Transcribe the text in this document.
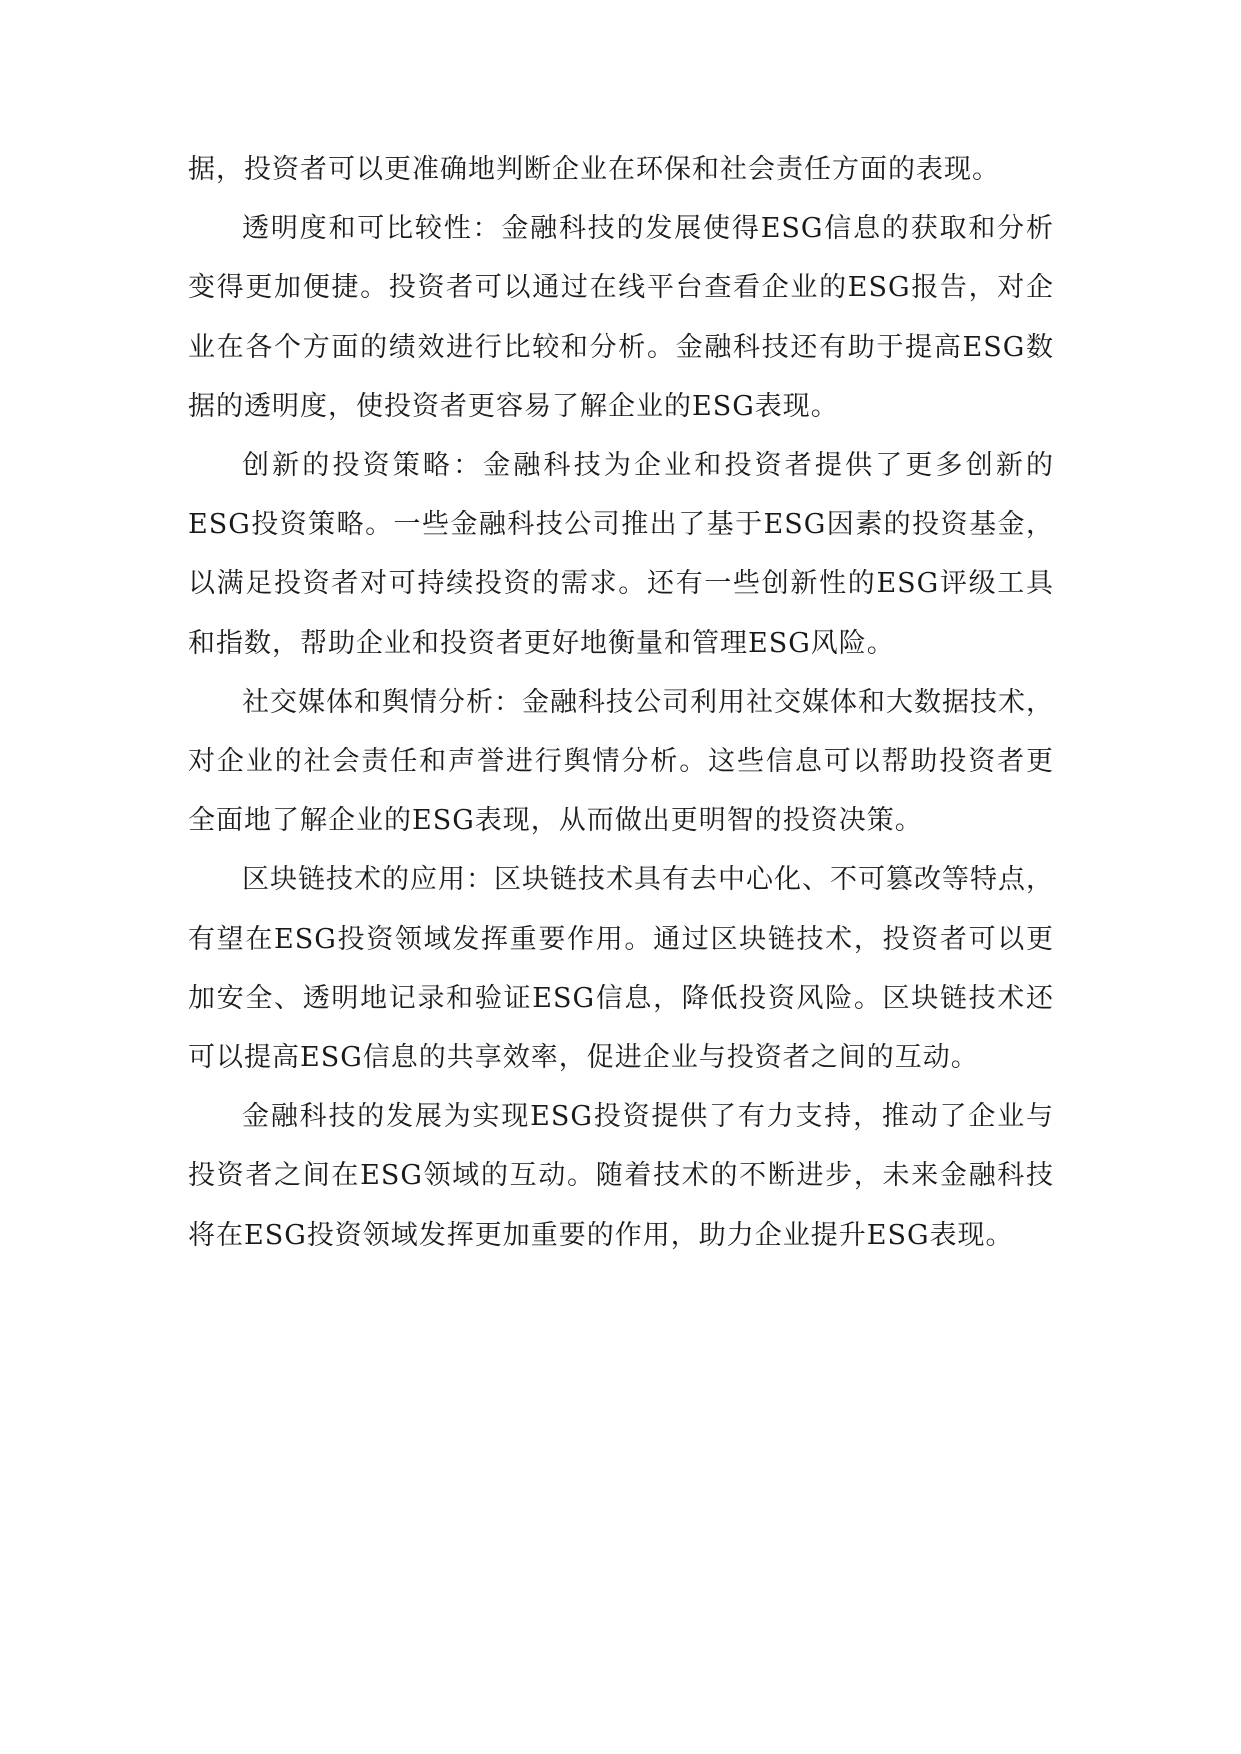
据，投资者可以更准确地判断企业在环保和社会责任方面的表现。

透明度和可比较性：金融科技的发展使得ESG信息的获取和分析变得更加便捷。投资者可以通过在线平台查看企业的ESG报告，对企业在各个方面的绩效进行比较和分析。金融科技还有助于提高ESG数据的透明度，使投资者更容易了解企业的ESG表现。

创新的投资策略：金融科技为企业和投资者提供了更多创新的ESG投资策略。一些金融科技公司推出了基于ESG因素的投资基金，以满足投资者对可持续投资的需求。还有一些创新性的ESG评级工具和指数，帮助企业和投资者更好地衡量和管理ESG风险。

社交媒体和舆情分析：金融科技公司利用社交媒体和大数据技术，对企业的社会责任和声誉进行舆情分析。这些信息可以帮助投资者更全面地了解企业的ESG表现，从而做出更明智的投资决策。

区块链技术的应用：区块链技术具有去中心化、不可篡改等特点，有望在ESG投资领域发挥重要作用。通过区块链技术，投资者可以更加安全、透明地记录和验证ESG信息，降低投资风险。区块链技术还可以提高ESG信息的共享效率，促进企业与投资者之间的互动。

金融科技的发展为实现ESG投资提供了有力支持，推动了企业与投资者之间在ESG领域的互动。随着技术的不断进步，未来金融科技将在ESG投资领域发挥更加重要的作用，助力企业提升ESG表现。
